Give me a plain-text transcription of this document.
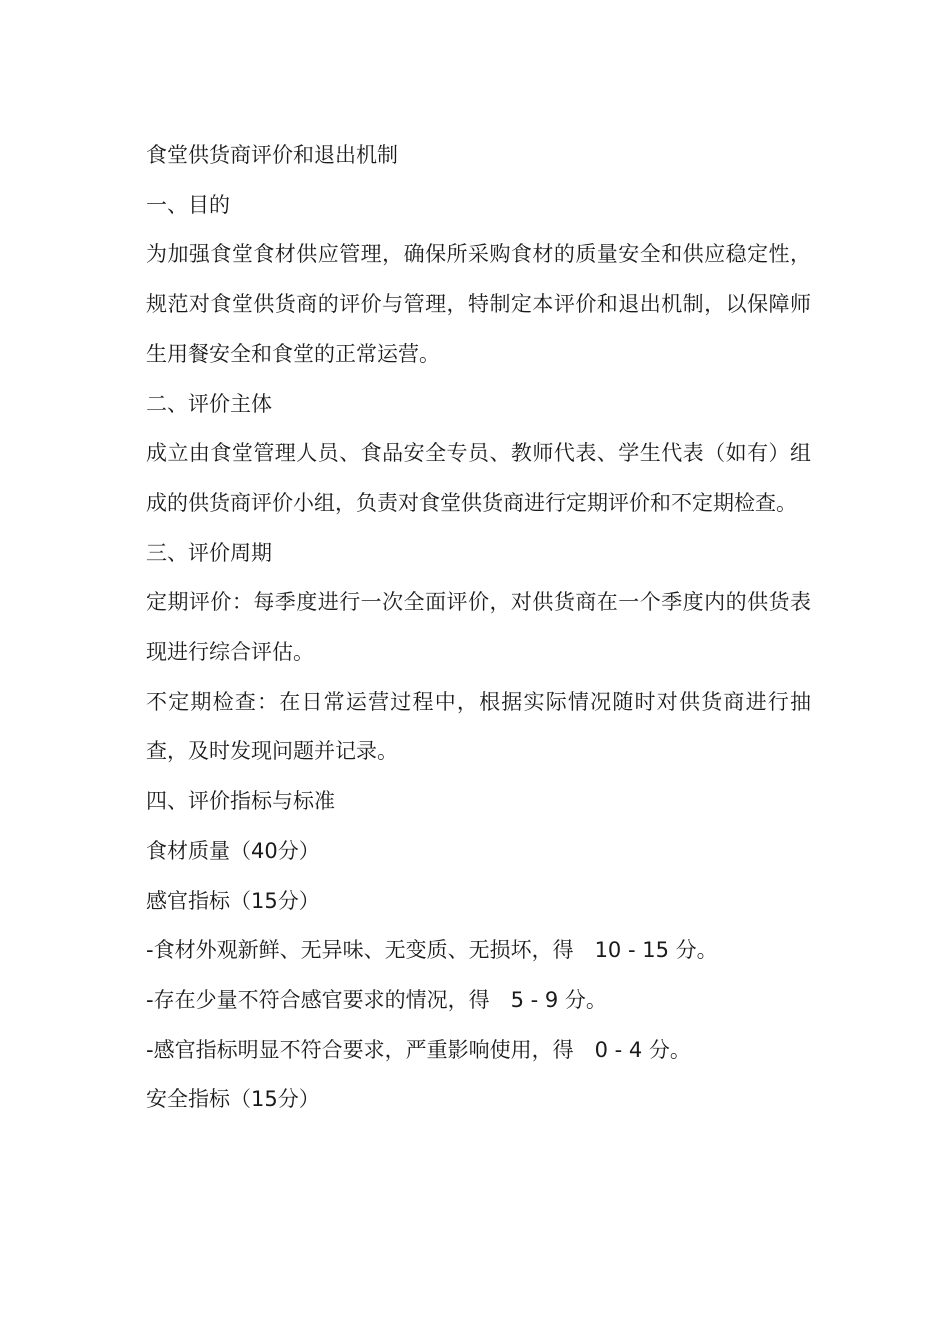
食堂供货商评价和退出机制

一、目的

为加强食堂食材供应管理，确保所采购食材的质量安全和供应稳定性，规范对食堂供货商的评价与管理，特制定本评价和退出机制，以保障师生用餐安全和食堂的正常运营。

二、评价主体

成立由食堂管理人员、食品安全专员、教师代表、学生代表（如有）组成的供货商评价小组，负责对食堂供货商进行定期评价和不定期检查。

三、评价周期

定期评价：每季度进行一次全面评价，对供货商在一个季度内的供货表现进行综合评估。

不定期检查：在日常运营过程中，根据实际情况随时对供货商进行抽查，及时发现问题并记录。

四、评价指标与标准

食材质量（40分）

感官指标（15分）

-食材外观新鲜、无异味、无变质、无损坏，得　10 - 15 分。

-存在少量不符合感官要求的情况，得　5 - 9 分。

-感官指标明显不符合要求，严重影响使用，得　0 - 4 分。

安全指标（15分）
